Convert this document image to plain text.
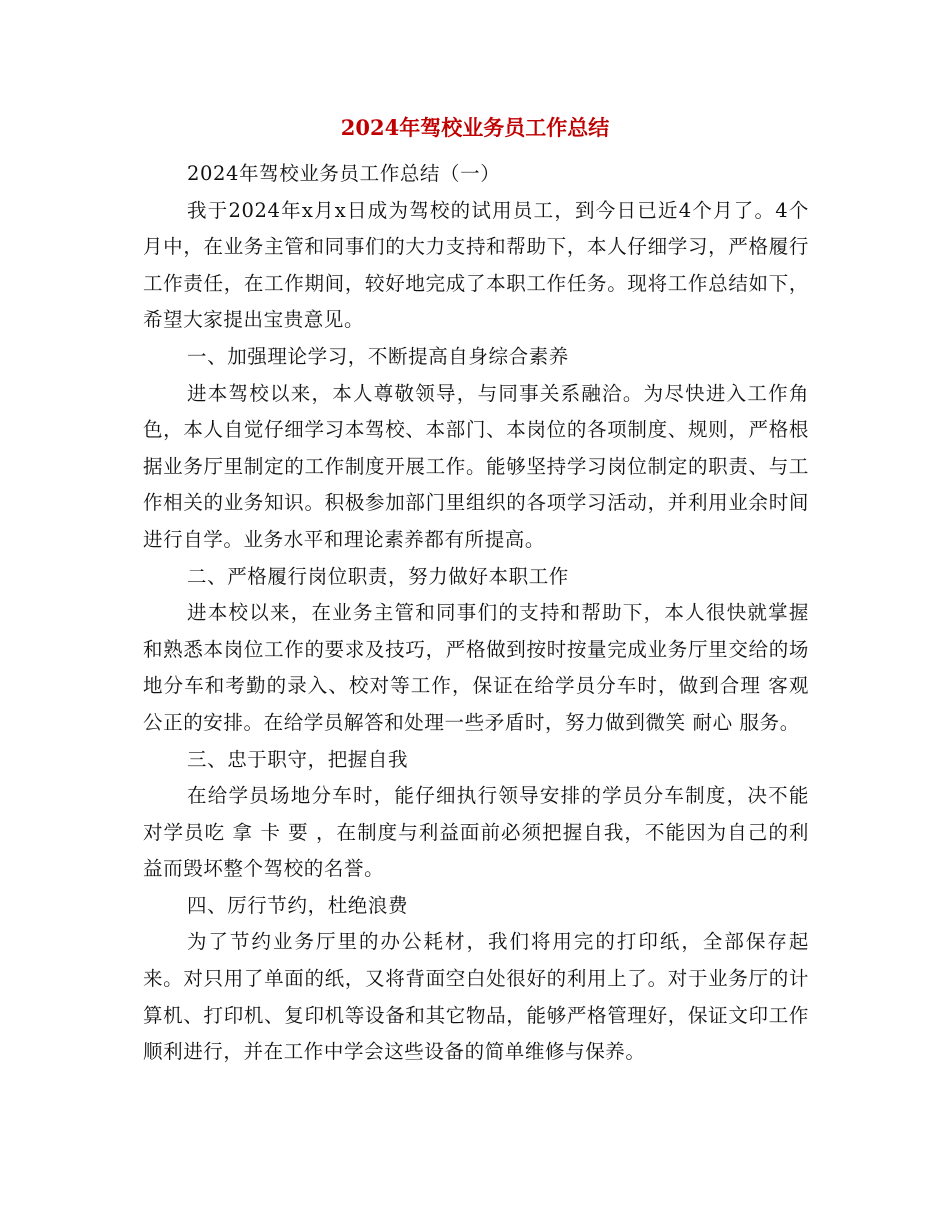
2024年驾校业务员工作总结

2024年驾校业务员工作总结（一）

我于2024年x月x日成为驾校的试用员工，到今日已近4个月了。4个月中，在业务主管和同事们的大力支持和帮助下，本人仔细学习，严格履行工作责任，在工作期间，较好地完成了本职工作任务。现将工作总结如下，希望大家提出宝贵意见。

一、加强理论学习，不断提高自身综合素养

进本驾校以来，本人尊敬领导，与同事关系融洽。为尽快进入工作角色，本人自觉仔细学习本驾校、本部门、本岗位的各项制度、规则，严格根据业务厅里制定的工作制度开展工作。能够坚持学习岗位制定的职责、与工作相关的业务知识。积极参加部门里组织的各项学习活动，并利用业余时间进行自学。业务水平和理论素养都有所提高。

二、严格履行岗位职责，努力做好本职工作

进本校以来，在业务主管和同事们的支持和帮助下，本人很快就掌握和熟悉本岗位工作的要求及技巧，严格做到按时按量完成业务厅里交给的场地分车和考勤的录入、校对等工作，保证在给学员分车时，做到合理 客观 公正的安排。在给学员解答和处理一些矛盾时，努力做到微笑 耐心 服务。

三、忠于职守，把握自我

在给学员场地分车时，能仔细执行领导安排的学员分车制度，决不能对学员吃 拿 卡 要 ，在制度与利益面前必须把握自我，不能因为自己的利益而毁坏整个驾校的名誉。

四、厉行节约，杜绝浪费

为了节约业务厅里的办公耗材，我们将用完的打印纸，全部保存起来。对只用了单面的纸，又将背面空白处很好的利用上了。对于业务厅的计算机、打印机、复印机等设备和其它物品，能够严格管理好，保证文印工作顺利进行，并在工作中学会这些设备的简单维修与保养。
